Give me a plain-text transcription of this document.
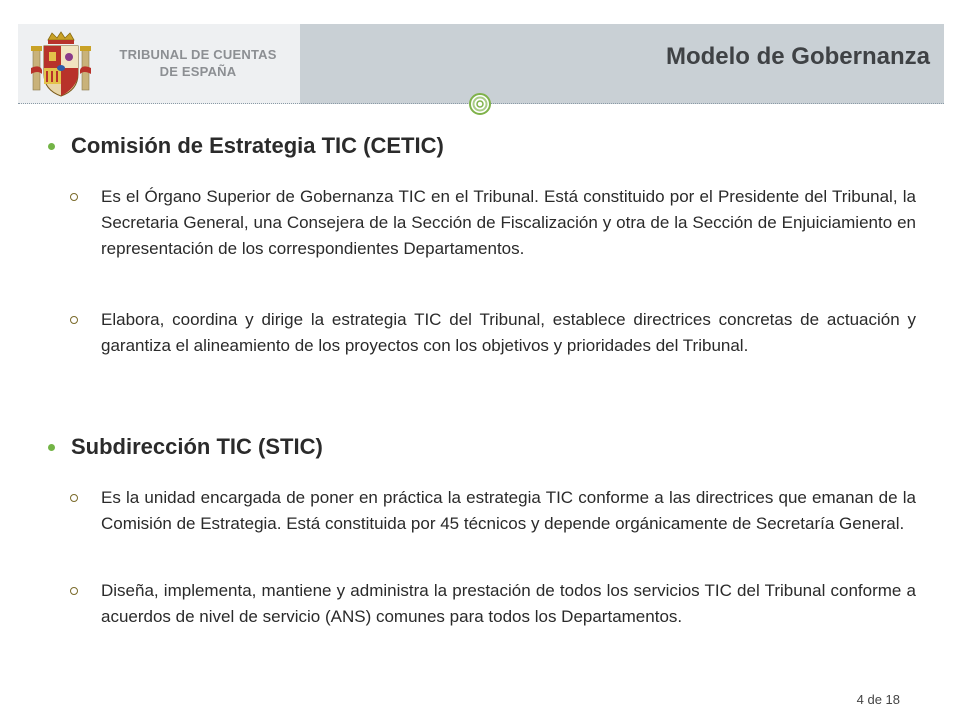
TRIBUNAL DE CUENTAS
DE ESPAÑA
Modelo de Gobernanza
Comisión de Estrategia TIC (CETIC)
Es el Órgano Superior de Gobernanza TIC en el Tribunal. Está constituido por el Presidente del Tribunal, la Secretaria General, una Consejera de la Sección de Fiscalización y otra de la Sección de Enjuiciamiento en representación de los correspondientes Departamentos.
Elabora, coordina y dirige la estrategia TIC del Tribunal, establece directrices concretas de actuación y garantiza el alineamiento de los proyectos con los objetivos y prioridades del Tribunal.
Subdirección TIC (STIC)
Es la unidad encargada de poner en práctica la estrategia TIC conforme a las directrices que emanan de la Comisión de Estrategia. Está constituida por 45 técnicos y depende orgánicamente de Secretaría General.
Diseña, implementa, mantiene y administra la prestación de todos los servicios TIC del Tribunal conforme a acuerdos de nivel de servicio (ANS) comunes para todos los Departamentos.
4 de 18
